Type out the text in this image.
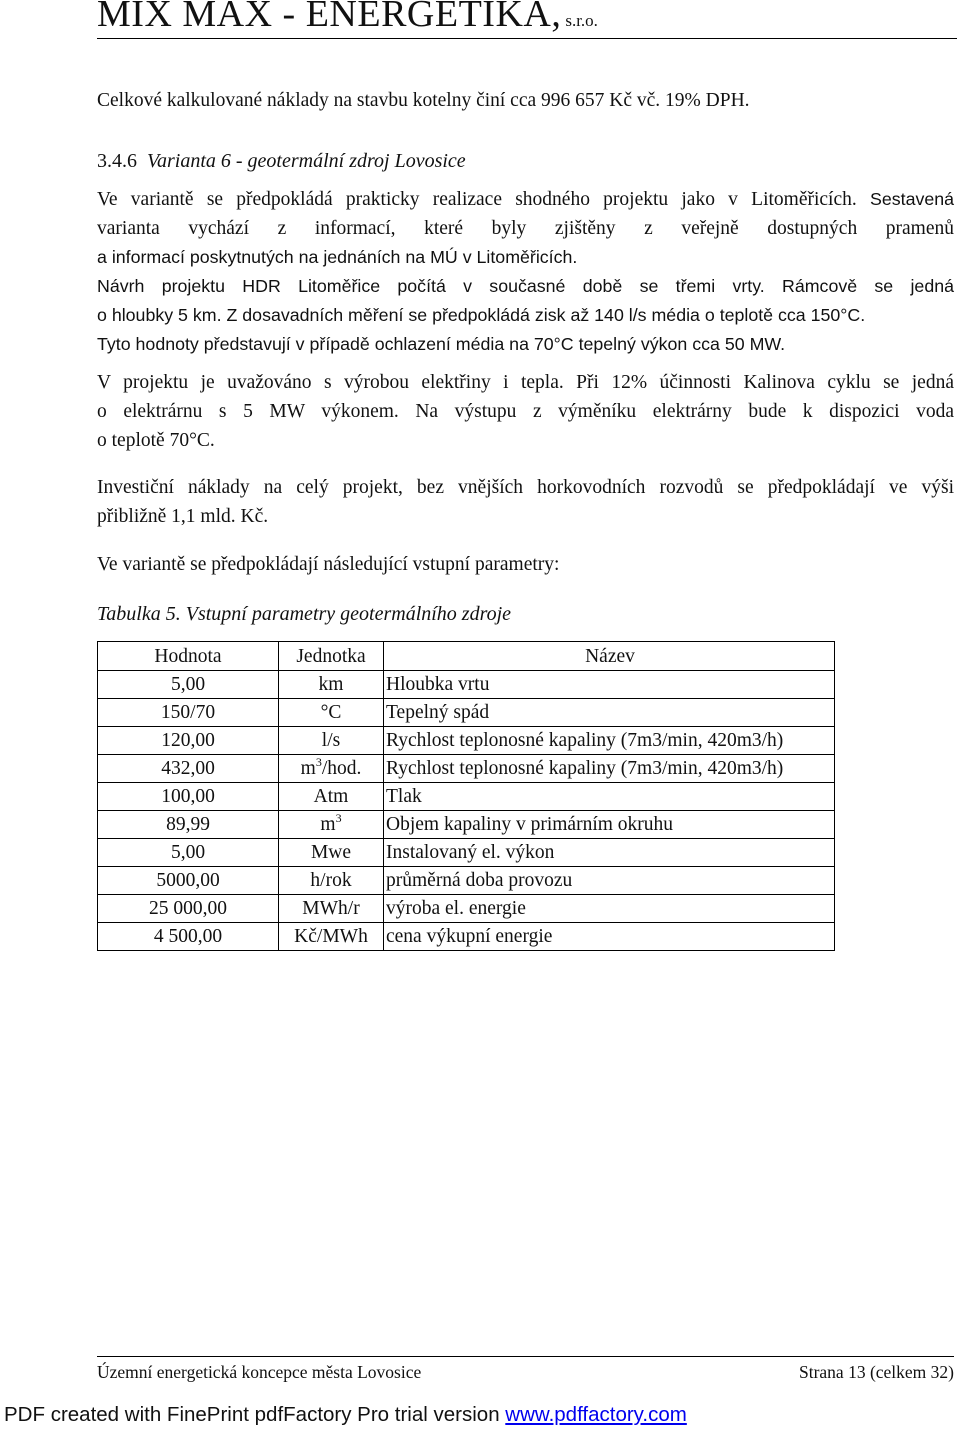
MIX MAX - ENERGETIKA, s.r.o.
Celkové kalkulované náklady na stavbu kotelny činí cca 996 657 Kč vč. 19% DPH.
3.4.6 Varianta 6 - geotermální zdroj Lovosice
Ve variantě se předpokládá prakticky realizace shodného projektu jako v Litoměřicích. Sestavená
varianta vychází z informací, které byly zjištěny z veřejně dostupných pramenů
a informací poskytnutých na jednáních na MÚ v Litoměřicích.
Návrh projektu HDR Litoměřice počítá v současné době se třemi vrty. Rámcově se jedná
o hloubky 5 km. Z dosavadních měření se předpokládá zisk až 140 l/s média o teplotě cca 150°C.
Tyto hodnoty představují v případě ochlazení média na 70°C tepelný výkon cca 50 MW.
V projektu je uvažováno s výrobou elektřiny i tepla. Při 12% účinnosti Kalinova cyklu se jedná
o elektrárnu s 5 MW výkonem. Na výstupu z výměníku elektrárny bude k dispozici voda
o teplotě 70°C.
Investiční náklady na celý projekt, bez vnějších horkovodních rozvodů se předpokládají ve výši
přibližně 1,1 mld. Kč.
Ve variantě se předpokládají následující vstupní parametry:
Tabulka 5. Vstupní parametry geotermálního zdroje
Hodnota	Jednotka	Název
5,00	km	Hloubka vrtu
150/70	°C	Tepelný spád
120,00	l/s	Rychlost teplonosné kapaliny (7m3/min, 420m3/h)
432,00	$m^3$/hod.	Rychlost teplonosné kapaliny (7m3/min, 420m3/h)
100,00	Atm	Tlak
89,99	$m^3$	Objem kapaliny v primárním okruhu
5,00	Mwe	Instalovaný el. výkon
5000,00	h/rok	průměrná doba provozu
25 000,00	MWh/r	výroba el. energie
4 500,00	Kč/MWh	cena výkupní energie
Územní energetická koncepce města Lovosice	Strana 13 (celkem 32)
PDF created with FinePrint pdfFactory Pro trial version www.pdffactory.com
